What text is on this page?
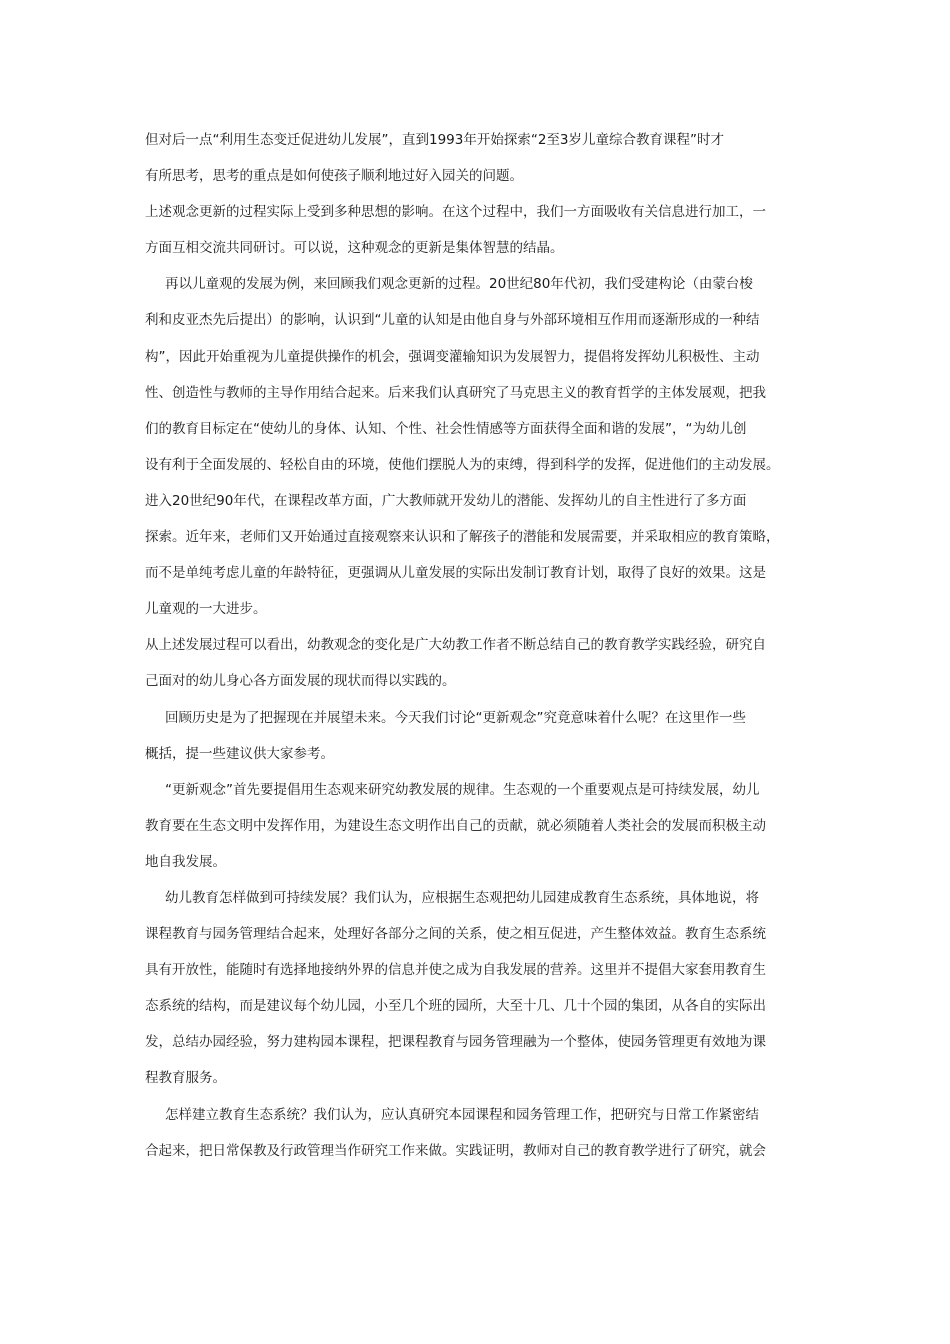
但对后一点“利用生态变迁促进幼儿发展”，直到1993年开始探索“2至3岁儿童综合教育课程”时才
有所思考，思考的重点是如何使孩子顺利地过好入园关的问题。
上述观念更新的过程实际上受到多种思想的影响。在这个过程中，我们一方面吸收有关信息进行加工，一
方面互相交流共同研讨。可以说，这种观念的更新是集体智慧的结晶。
再以儿童观的发展为例，来回顾我们观念更新的过程。20世纪80年代初，我们受建构论（由蒙台梭
利和皮亚杰先后提出）的影响，认识到“儿童的认知是由他自身与外部环境相互作用而逐渐形成的一种结
构”，因此开始重视为儿童提供操作的机会，强调变灌输知识为发展智力，提倡将发挥幼儿积极性、主动
性、创造性与教师的主导作用结合起来。后来我们认真研究了马克思主义的教育哲学的主体发展观，把我
们的教育目标定在“使幼儿的身体、认知、个性、社会性情感等方面获得全面和谐的发展”，“为幼儿创
设有利于全面发展的、轻松自由的环境，使他们摆脱人为的束缚，得到科学的发挥，促进他们的主动发展。
进入20世纪90年代，在课程改革方面，广大教师就开发幼儿的潜能、发挥幼儿的自主性进行了多方面
探索。近年来，老师们又开始通过直接观察来认识和了解孩子的潜能和发展需要，并采取相应的教育策略，
而不是单纯考虑儿童的年龄特征，更强调从儿童发展的实际出发制订教育计划，取得了良好的效果。这是
儿童观的一大进步。
从上述发展过程可以看出，幼教观念的变化是广大幼教工作者不断总结自己的教育教学实践经验，研究自
己面对的幼儿身心各方面发展的现状而得以实践的。
回顾历史是为了把握现在并展望未来。今天我们讨论“更新观念”究竟意味着什么呢？在这里作一些
概括，提一些建议供大家参考。
“更新观念”首先要提倡用生态观来研究幼教发展的规律。生态观的一个重要观点是可持续发展，幼儿
教育要在生态文明中发挥作用，为建设生态文明作出自己的贡献，就必须随着人类社会的发展而积极主动
地自我发展。
幼儿教育怎样做到可持续发展？我们认为，应根据生态观把幼儿园建成教育生态系统，具体地说，将
课程教育与园务管理结合起来，处理好各部分之间的关系，使之相互促进，产生整体效益。教育生态系统
具有开放性，能随时有选择地接纳外界的信息并使之成为自我发展的营养。这里并不提倡大家套用教育生
态系统的结构，而是建议每个幼儿园，小至几个班的园所，大至十几、几十个园的集团，从各自的实际出
发，总结办园经验，努力建构园本课程，把课程教育与园务管理融为一个整体，使园务管理更有效地为课
程教育服务。
怎样建立教育生态系统？我们认为，应认真研究本园课程和园务管理工作，把研究与日常工作紧密结
合起来，把日常保教及行政管理当作研究工作来做。实践证明，教师对自己的教育教学进行了研究，就会
